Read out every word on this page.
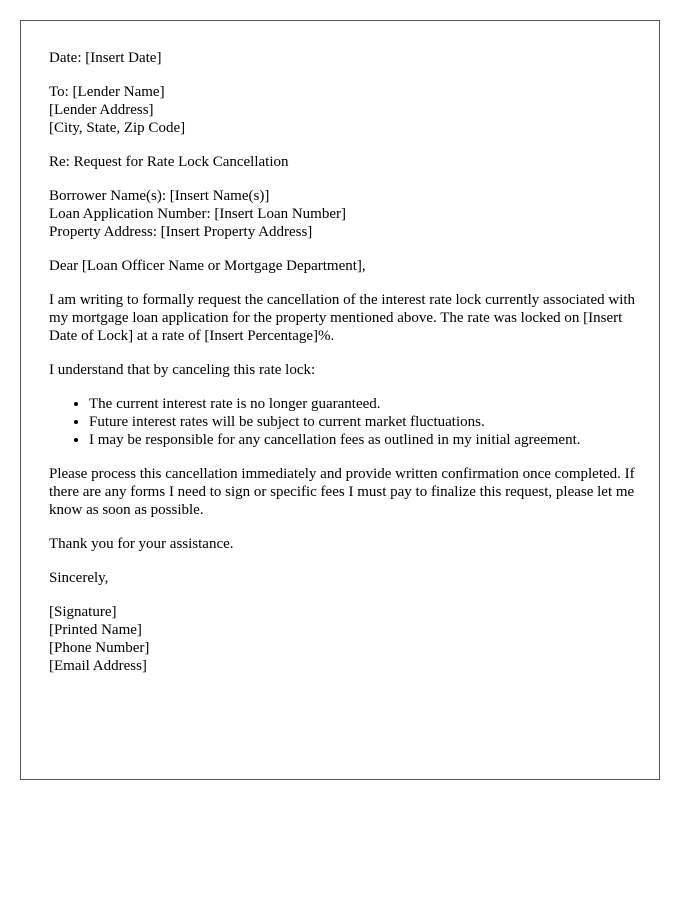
Date: [Insert Date]
To: [Lender Name]
[Lender Address]
[City, State, Zip Code]
Re: Request for Rate Lock Cancellation
Borrower Name(s): [Insert Name(s)]
Loan Application Number: [Insert Loan Number]
Property Address: [Insert Property Address]
Dear [Loan Officer Name or Mortgage Department],

I am writing to formally request the cancellation of the interest rate lock currently associated with my mortgage loan application for the property mentioned above. The rate was locked on [Insert Date of Lock] at a rate of [Insert Percentage]%.

I understand that by canceling this rate lock:

• The current interest rate is no longer guaranteed.
• Future interest rates will be subject to current market fluctuations.
• I may be responsible for any cancellation fees as outlined in my initial agreement.

Please process this cancellation immediately and provide written confirmation once completed. If there are any forms I need to sign or specific fees I must pay to finalize this request, please let me know as soon as possible.

Thank you for your assistance.

Sincerely,
[Signature]
[Printed Name]
[Phone Number]
[Email Address]
